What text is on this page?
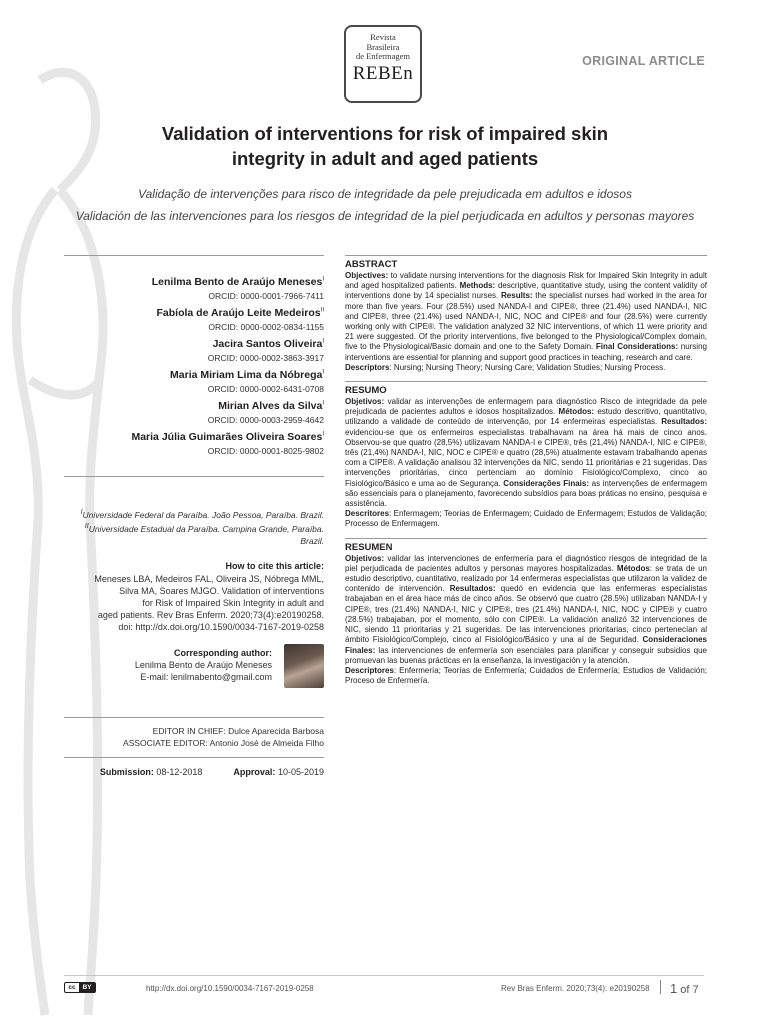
Revista
Brasileira
de Enfermagem
REBEn
ORIGINAL ARTICLE
Validation of interventions for risk of impaired skin integrity in adult and aged patients
Validação de intervenções para risco de integridade da pele prejudicada em adultos e idosos
Validación de las intervenciones para los riesgos de integridad de la piel perjudicada en adultos y personas mayores
Lenilma Bento de Araújo Meneses$^I$
ORCID: 0000-0001-7966-7411
Fabíola de Araújo Leite Medeiros$^{II}$
ORCID: 0000-0002-0834-1155
Jacira Santos Oliveira$^I$
ORCID: 0000-0002-3863-3917
Maria Miriam Lima da Nóbrega$^I$
ORCID: 0000-0002-6431-0708
Mirian Alves da Silva$^I$
ORCID: 0000-0003-2959-4642
Maria Júlia Guimarães Oliveira Soares$^I$
ORCID: 0000-0001-8025-9802
$^I$Universidade Federal da Paraíba. João Pessoa, Paraíba. Brazil.
$^{II}$Universidade Estadual da Paraíba. Campina Grande, Paraíba. Brazil.
How to cite this article:
Meneses LBA, Medeiros FAL, Oliveira JS, Nóbrega MML,
Silva MA, Soares MJGO. Validation of interventions
for Risk of Impaired Skin Integrity in adult and
aged patients. Rev Bras Enferm. 2020;73(4):e20190258.
doi: http://dx.doi.org/10.1590/0034-7167-2019-0258
Corresponding author:
Lenilma Bento de Araújo Meneses
E-mail: lenilmabento@gmail.com
EDITOR IN CHIEF: Dulce Aparecida Barbosa
ASSOCIATE EDITOR: Antonio José de Almeida Filho
Submission: 08-12-2018	Approval: 10-05-2019
ABSTRACT

Objectives: to validate nursing interventions for the diagnosis Risk for Impaired Skin Integrity in adult and aged hospitalized patients. Methods: descriptive, quantitative study, using the content validity of interventions done by 14 specialist nurses. Results: the specialist nurses had worked in the area for more than five years. Four (28.5%) used NANDA-I and CIPE®, three (21.4%) used NANDA-I, NIC and CIPE®, three (21.4%) used NANDA-I, NIC, NOC and CIPE® and four (28.5%) were currently working only with CIPE®. The validation analyzed 32 NIC interventions, of which 11 were priority and 21 were suggested. Of the priority interventions, five belonged to the Physiological/Complex domain, five to the Physiological/Basic domain and one to the Safety Domain. Final Considerations: nursing interventions are essential for planning and support good practices in teaching, research and care.

Descriptors: Nursing; Nursing Theory; Nursing Care; Validation Studies; Nursing Process.

RESUMO

Objetivos: validar as intervenções de enfermagem para diagnóstico Risco de integridade da pele prejudicada de pacientes adultos e idosos hospitalizados. Métodos: estudo descritivo, quantitativo, utilizando a validade de conteúdo de intervenção, por 14 enfermeiras especialistas. Resultados: evidenciou-se que os enfermeiros especialistas trabalhavam na área há mais de cinco anos. Observou-se que quatro (28,5%) utilizavam NANDA-I e CIPE®, três (21,4%) NANDA-I, NIC e CIPE®, três (21,4%) NANDA-I, NIC, NOC e CIPE® e quatro (28,5%) atualmente estavam trabalhando apenas com a CIPE®. A validação analisou 32 intervenções da NIC, sendo 11 prioritárias e 21 sugeridas. Das intervenções prioritárias, cinco pertenciam ao domínio Fisiológico/Complexo, cinco ao Fisiológico/Básico e uma ao de Segurança. Considerações Finais: as intervenções de enfermagem são essenciais para o planejamento, favorecendo subsídios para boas práticas no ensino, pesquisa e assistência.

Descritores: Enfermagem; Teorias de Enfermagem; Cuidado de Enfermagem; Estudos de Validação; Processo de Enfermagem.

RESUMEN

Objetivos: validar las intervenciones de enfermería para el diagnóstico riesgos de integridad de la piel perjudicada de pacientes adultos y personas mayores hospitalizadas. Métodos: se trata de un estudio descriptivo, cuantitativo, realizado por 14 enfermeras especialistas que utilizaron la validez de contenido de intervención. Resultados: quedó en evidencia que las enfermeras especialistas trabajaban en el área hace más de cinco años. Se observó que cuatro (28.5%) utilizaban NANDA-I y CIPE®, tres (21.4%) NANDA-I, NIC y CIPE®, tres (21.4%) NANDA-I, NIC, NOC y CIPE® y cuatro (28.5%) trabajaban, por el momento, sólo con CIPE®. La validación analizó 32 intervenciones de NIC, siendo 11 prioritarias y 21 sugeridas. De las intervenciones prioritarias, cinco pertenecían al ámbito Fisiológico/Complejo, cinco al Fisiológico/Básico y una al de Seguridad. Consideraciones Finales: las intervenciones de enfermería son esenciales para planificar y conseguir subsidios que promuevan las buenas prácticas en la enseñanza, la investigación y la atención.

Descriptores: Enfermería; Teorías de Enfermería; Cuidados de Enfermería; Estudios de Validación; Proceso de Enfermería.

cc BY	http://dx.doi.org/10.1590/0034-7167-2019-0258	Rev Bras Enferm. 2020;73(4): e20190258 1 of 7
